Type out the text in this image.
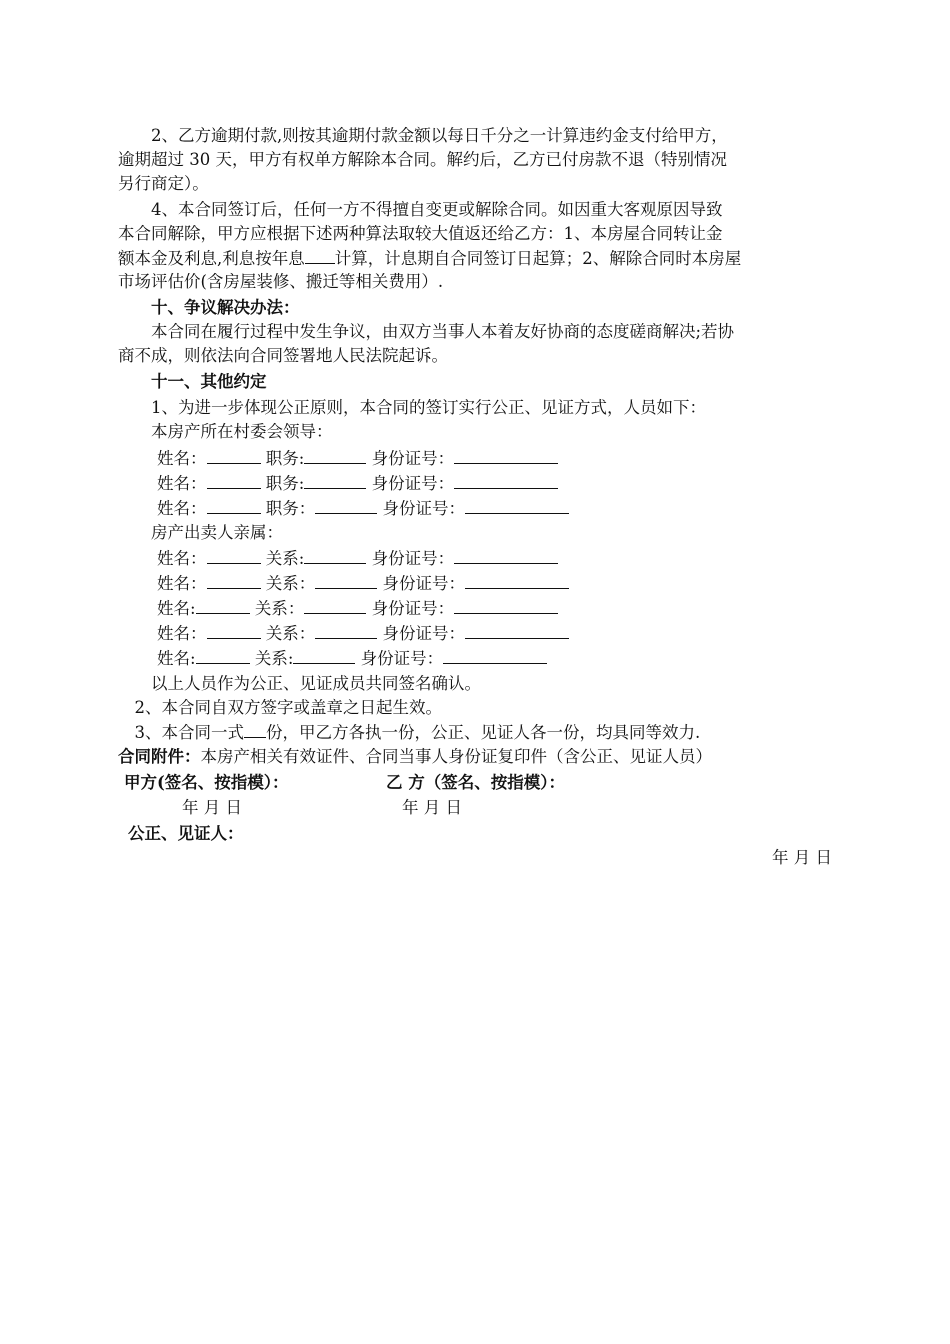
　　2、乙方逾期付款,则按其逾期付款金额以每日千分之一计算违约金支付给甲方，
逾期超过 30 天，甲方有权单方解除本合同。解约后，乙方已付房款不退（特别情况
另行商定）。
　　4、本合同签订后，任何一方不得擅自变更或解除合同。如因重大客观原因导致
本合同解除，甲方应根据下述两种算法取较大值返还给乙方：1、本房屋合同转让金
额本金及利息,利息按年息 计算，计息期自合同签订日起算；2、解除合同时本房屋
市场评估价(含房屋装修、搬迁等相关费用）.
　　十、争议解决办法：
　　本合同在履行过程中发生争议，由双方当事人本着友好协商的态度磋商解决;若协
商不成，则依法向合同签署地人民法院起诉。
　　十一、其他约定
　　1、为进一步体现公正原则，本合同的签订实行公正、见证方式，人员如下：
　　本房产所在村委会领导：
姓名：	职务:	身份证号：
姓名：	职务:	身份证号：
姓名：	职务：	身份证号：
　　房产出卖人亲属：
姓名：	关系:	身份证号：
姓名：	关系：	身份证号：
姓名:	关系：	身份证号：
姓名：	关系：	身份证号：
姓名:	关系:	身份证号：
　　以上人员作为公正、见证成员共同签名确认。
　2、本合同自双方签字或盖章之日起生效。
　3、本合同一式 份，甲乙方各执一份，公正、见证人各一份，均具同等效力.
合同附件：本房产相关有效证件、合同当事人身份证复印件（含公正、见证人员）
甲方(签名、按指模）：	乙 方（签名、按指模）：
年 月 日	年 月 日
公正、见证人：
年 月 日
